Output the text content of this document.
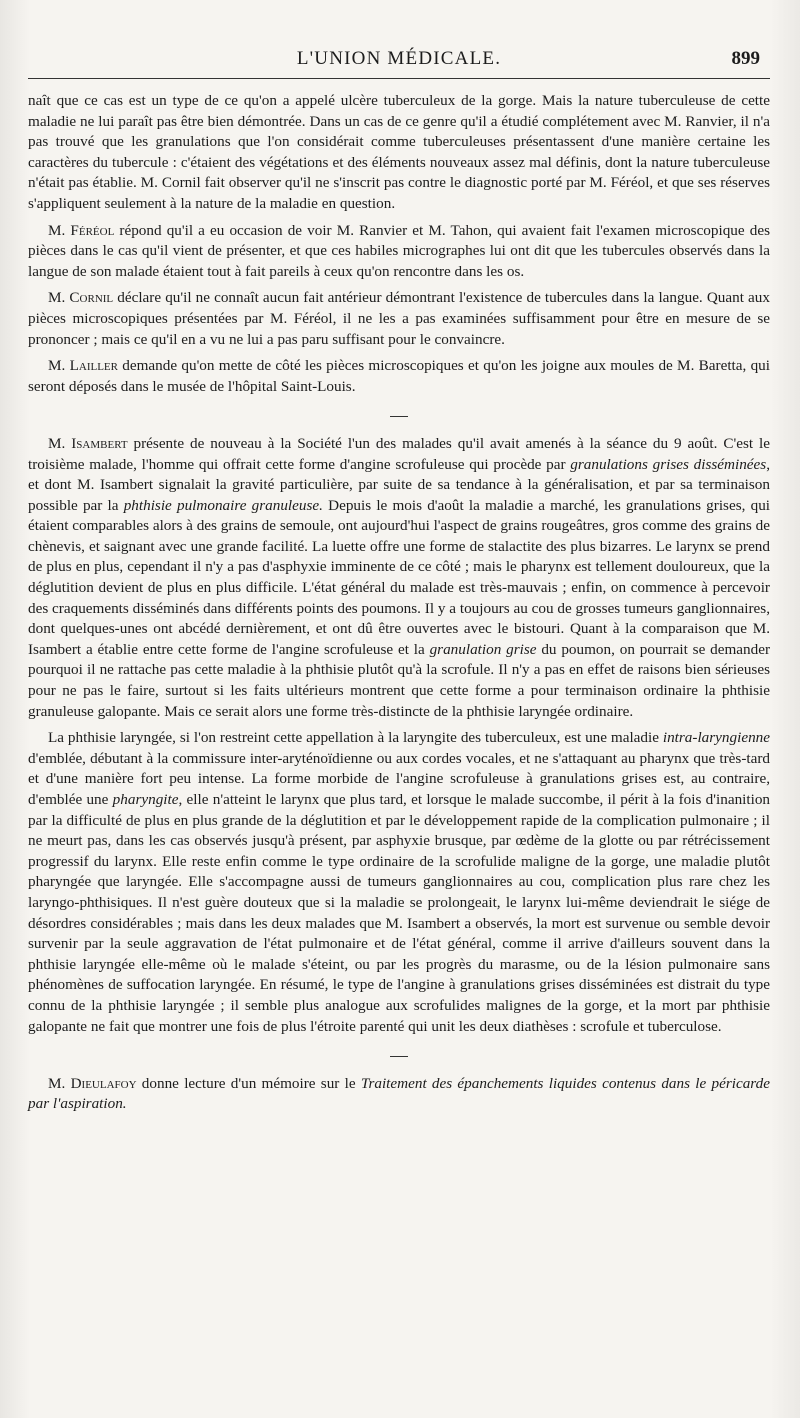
L'UNION MÉDICALE.	899

naît que ce cas est un type de ce qu'on a appelé ulcère tuberculeux de la gorge. Mais la nature tuberculeuse de cette maladie ne lui paraît pas être bien démontrée. Dans un cas de ce genre qu'il a étudié complétement avec M. Ranvier, il n'a pas trouvé que les granulations que l'on considérait comme tuberculeuses présentassent d'une manière certaine les caractères du tubercule : c'étaient des végétations et des éléments nouveaux assez mal définis, dont la nature tuberculeuse n'était pas établie. M. Cornil fait observer qu'il ne s'inscrit pas contre le diagnostic porté par M. Féréol, et que ses réserves s'appliquent seulement à la nature de la maladie en question.

M. Féréol répond qu'il a eu occasion de voir M. Ranvier et M. Tahon, qui avaient fait l'examen microscopique des pièces dans le cas qu'il vient de présenter, et que ces habiles micrographes lui ont dit que les tubercules observés dans la langue de son malade étaient tout à fait pareils à ceux qu'on rencontre dans les os.

M. Cornil déclare qu'il ne connaît aucun fait antérieur démontrant l'existence de tubercules dans la langue. Quant aux pièces microscopiques présentées par M. Féréol, il ne les a pas examinées suffisamment pour être en mesure de se prononcer ; mais ce qu'il en a vu ne lui a pas paru suffisant pour le convaincre.

M. Lailler demande qu'on mette de côté les pièces microscopiques et qu'on les joigne aux moules de M. Baretta, qui seront déposés dans le musée de l'hôpital Saint-Louis.

M. Isambert présente de nouveau à la Société l'un des malades qu'il avait amenés à la séance du 9 août. C'est le troisième malade, l'homme qui offrait cette forme d'angine scrofuleuse qui procède par granulations grises disséminées, et dont M. Isambert signalait la gravité particulière, par suite de sa tendance à la généralisation, et par sa terminaison possible par la phthisie pulmonaire granuleuse. Depuis le mois d'août la maladie a marché, les granulations grises, qui étaient comparables alors à des grains de semoule, ont aujourd'hui l'aspect de grains rougeâtres, gros comme des grains de chènevis, et saignant avec une grande facilité. La luette offre une forme de stalactite des plus bizarres. Le larynx se prend de plus en plus, cependant il n'y a pas d'asphyxie imminente de ce côté ; mais le pharynx est tellement douloureux, que la déglutition devient de plus en plus difficile. L'état général du malade est très-mauvais ; enfin, on commence à percevoir des craquements disséminés dans différents points des poumons. Il y a toujours au cou de grosses tumeurs ganglionnaires, dont quelques-unes ont abcédé dernièrement, et ont dû être ouvertes avec le bistouri. Quant à la comparaison que M. Isambert a établie entre cette forme de l'angine scrofuleuse et la granulation grise du poumon, on pourrait se demander pourquoi il ne rattache pas cette maladie à la phthisie plutôt qu'à la scrofule. Il n'y a pas en effet de raisons bien sérieuses pour ne pas le faire, surtout si les faits ultérieurs montrent que cette forme a pour terminaison ordinaire la phthisie granuleuse galopante. Mais ce serait alors une forme très-distincte de la phthisie laryngée ordinaire.

La phthisie laryngée, si l'on restreint cette appellation à la laryngite des tuberculeux, est une maladie intra-laryngienne d'emblée, débutant à la commissure inter-aryténoïdienne ou aux cordes vocales, et ne s'attaquant au pharynx que très-tard et d'une manière fort peu intense. La forme morbide de l'angine scrofuleuse à granulations grises est, au contraire, d'emblée une pharyngite, elle n'atteint le larynx que plus tard, et lorsque le malade succombe, il périt à la fois d'inanition par la difficulté de plus en plus grande de la déglutition et par le développement rapide de la complication pulmonaire ; il ne meurt pas, dans les cas observés jusqu'à présent, par asphyxie brusque, par œdème de la glotte ou par rétrécissement progressif du larynx. Elle reste enfin comme le type ordinaire de la scrofulide maligne de la gorge, une maladie plutôt pharyngée que laryngée. Elle s'accompagne aussi de tumeurs ganglionnaires au cou, complication plus rare chez les laryngo-phthisiques. Il n'est guère douteux que si la maladie se prolongeait, le larynx lui-même deviendrait le siége de désordres considérables ; mais dans les deux malades que M. Isambert a observés, la mort est survenue ou semble devoir survenir par la seule aggravation de l'état pulmonaire et de l'état général, comme il arrive d'ailleurs souvent dans la phthisie laryngée elle-même où le malade s'éteint, ou par les progrès du marasme, ou de la lésion pulmonaire sans phénomènes de suffocation laryngée. En résumé, le type de l'angine à granulations grises disséminées est distrait du type connu de la phthisie laryngée ; il semble plus analogue aux scrofulides malignes de la gorge, et la mort par phthisie galopante ne fait que montrer une fois de plus l'étroite parenté qui unit les deux diathèses : scrofule et tuberculose.

M. Dieulafoy donne lecture d'un mémoire sur le Traitement des épanchements liquides contenus dans le péricarde par l'aspiration.
